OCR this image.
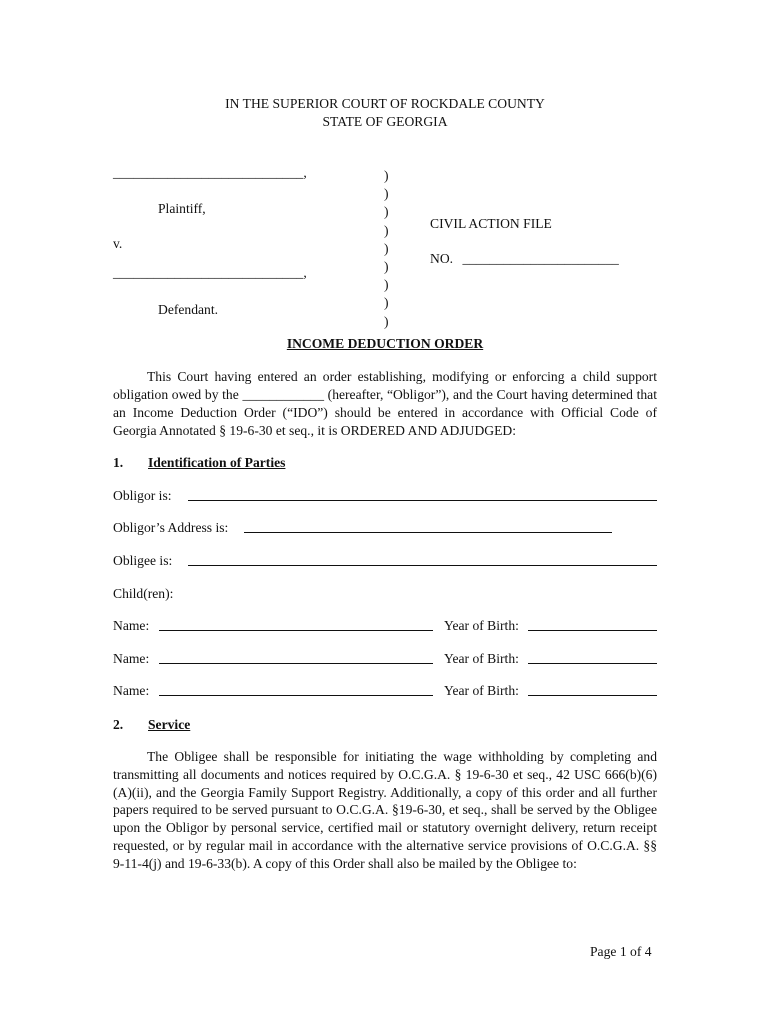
IN THE SUPERIOR COURT OF ROCKDALE COUNTY
STATE OF GEORGIA
____________________________,
Plaintiff,
v.
____________________________,
Defendant.
)
)
)
)
)
)
)
)
)
CIVIL ACTION FILE
NO. _______________________
INCOME DEDUCTION ORDER
This Court having entered an order establishing, modifying or enforcing a child support obligation owed by the ____________ (hereafter, “Obligor”), and the Court having determined that an Income Deduction Order (“IDO”) should be entered in accordance with Official Code of Georgia Annotated § 19-6-30 et seq., it is ORDERED AND ADJUDGED:
1. Identification of Parties
Obligor is:
Obligor’s Address is:
Obligee is:
Child(ren):
Name:	Year of Birth:
Name:	Year of Birth:
Name:	Year of Birth:
2. Service
The Obligee shall be responsible for initiating the wage withholding by completing and transmitting all documents and notices required by O.C.G.A. § 19-6-30 et seq., 42 USC 666(b)(6)(A)(ii), and the Georgia Family Support Registry. Additionally, a copy of this order and all further papers required to be served pursuant to O.C.G.A. §19-6-30, et seq., shall be served by the Obligee upon the Obligor by personal service, certified mail or statutory overnight delivery, return receipt requested, or by regular mail in accordance with the alternative service provisions of O.C.G.A. §§ 9-11-4(j) and 19-6-33(b). A copy of this Order shall also be mailed by the Obligee to:
Page 1 of 4
